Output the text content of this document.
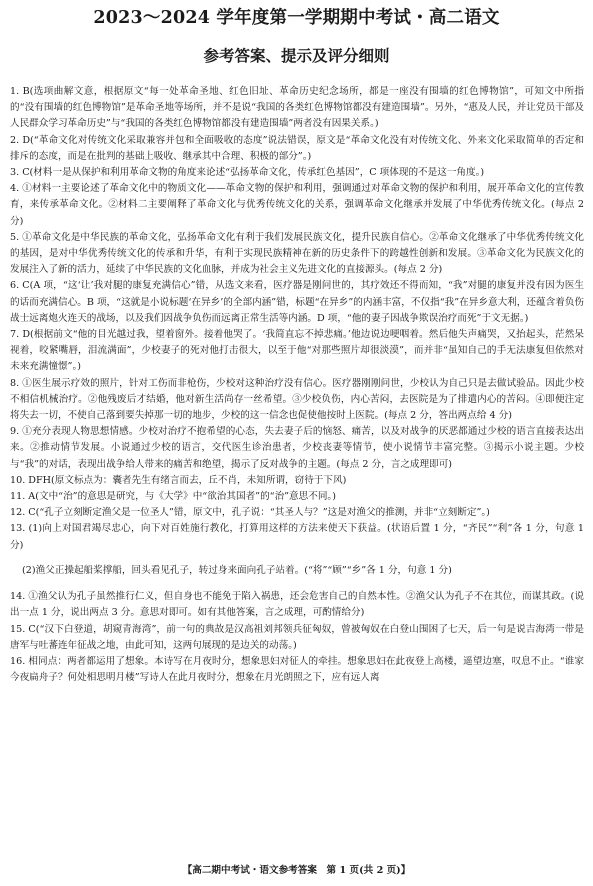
2023～2024 学年度第一学期期中考试・高二语文
参考答案、提示及评分细则

1. B(选项曲解文意，根据原文“每一处革命圣地、红色旧址、革命历史纪念场所，都是一座没有围墙的红色博物馆”，可知文中所指的“没有围墙的红色博物馆”是革命圣地等场所，并不是说“我国的各类红色博物馆都没有建造围墙”。另外，“惠及人民，并让党员干部及人民群众学习革命历史”与“我国的各类红色博物馆都没有建造围墙”两者没有因果关系。)

2. D(“革命文化对传统文化采取兼容并包和全面吸收的态度”说法错误，原文是“革命文化没有对传统文化、外来文化采取简单的否定和排斥的态度，而是在批判的基础上吸收、继承其中合理、积极的部分”。)

3. C(材料一是从保护和利用革命文物的角度来论述“弘扬革命文化，传承红色基因”，C 项体现的不是这一角度。)

4. ①材料一主要论述了革命文化中的物质文化——革命文物的保护和利用，强调通过对革命文物的保护和利用，展开革命文化的宣传教育，来传承革命文化。②材料二主要阐释了革命文化与优秀传统文化的关系，强调革命文化继承并发展了中华优秀传统文化。(每点 2 分)

5. ①革命文化是中华民族的革命文化，弘扬革命文化有利于我们发展民族文化，提升民族自信心。②革命文化继承了中华优秀传统文化的基因，是对中华优秀传统文化的传承和升华，有利于实现民族精神在新的历史条件下的跨越性创新和发展。③革命文化为民族文化的发展注入了新的活力，延续了中华民族的文化血脉，并成为社会主义先进文化的直接源头。(每点 2 分)

6. C(A 项，“这‘让’我对腿的康复充满信心”错，从选文来看，医疗器是刚问世的，其疗效还不得而知，“我”对腿的康复并没有因为医生的话而充满信心。B 项，“这就是小说标题‘在异乡’的全部内涵”错，标题“在异乡”的内涵丰富，不仅指“我”在异乡意大利，还蕴含着负伤战士远离炮火连天的战场，以及我们因战争负伤而远离正常生活等内涵。D 项，“他的妻子因战争欺误治疗而死”于文无据。)

7. D(根据前文“他的目光越过我，望着窗外。接着他哭了。‘我简直忘不掉悲痛。’他边说边哽咽着。然后他失声痛哭，又抬起头，茫然呆视着，咬紧嘴唇，泪流满面”，少校妻子的死对他打击很大，以至于他“对那些照片却很淡漠”，而并非“虽知自己的手无法康复但依然对未来充满憧憬”。)

8. ①医生展示疗效的照片，针对工伤而非枪伤，少校对这种治疗没有信心。医疗器刚刚问世，少校认为自己只是去做试验品。因此少校不相信机械治疗。②他残废后才结婚，他对新生活尚存一丝希望。③少校负伤，内心苦闷，去医院是为了排遣内心的苦闷。④即便注定将失去一切，不使自己落到要失掉那一切的地步，少校的这一信念也促使他按时上医院。(每点 2 分，答出两点给 4 分)

9. ①充分表现人物思想情感。少校对治疗不抱希望的心态，失去妻子后的恼怒、痛苦，以及对战争的厌恶都通过少校的语言直接表达出来。②推动情节发展。小说通过少校的语言，交代医生诊治患者，少校丧妻等情节，使小说情节丰富完整。③揭示小说主题。少校与“我”的对话，表现出战争给人带来的痛苦和绝望，揭示了反对战争的主题。(每点 2 分，言之成理即可)

10. DFH(原文标点为：囊者先生有绪言而去，丘不肖，未知所谓，窃待于下风)

11. A(文中“治”的意思是研究，与《大学》中“欲治其国者”的“治”意思不同。)

12. C(“孔子立刻断定渔父是一位圣人”错，原文中，孔子说：“其圣人与？”这是对渔父的推测，并非“立刻断定”。)

13. (1)向上对国君竭尽忠心，向下对百姓施行教化，打算用这样的方法来使天下获益。(状语后置 1 分，“齐民”“利”各 1 分，句意 1 分)

(2)渔父正操起船桨撑船，回头看见孔子，转过身来面向孔子站着。(“将”“顾”“乡”各 1 分，句意 1 分)

14. ①渔父认为孔子虽然推行仁义，但自身也不能免于陷入祸患，还会危害自己的自然本性。②渔父认为孔子不在其位，而谋其政。(说出一点 1 分，说出两点 3 分。意思对即可。如有其他答案，言之成理，可酌情给分)

15. C(“汉下白登道，胡窥青海湾”，前一句的典故是汉高祖刘邦领兵征匈奴，曾被匈奴在白登山围困了七天，后一句是说吉海湾一带是唐军与吐蕃连年征战之地，由此可知，这两句展现的是边关的动荡。)

16. 相同点：两者都运用了想象。本诗写在月夜时分，想象思妇对征人的牵挂。想象思妇在此夜登上高楼，遥望边塞，叹息不止。“谁家今夜扁舟子？何处相思明月楼”写诗人在此月夜时分，想象在月光朗照之下，应有远人离

【高二期中考试・语文参考答案　第 1 页(共 2 页)】
